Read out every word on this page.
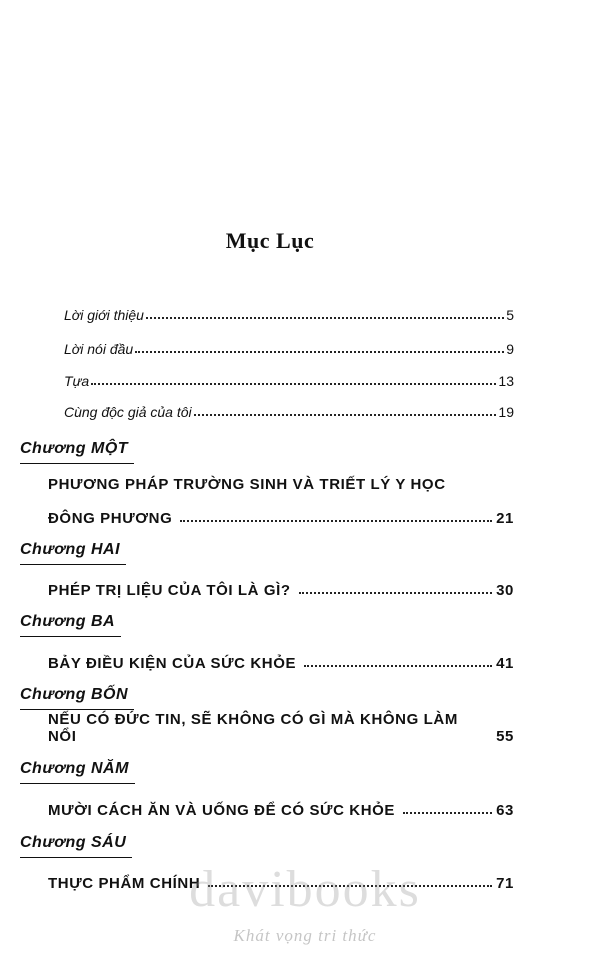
Mục Lục
Lời giới thiệu	5
Lời nói đầu	9
Tựa	13
Cùng độc giả của tôi	19
Chương MỘT
PHƯƠNG PHÁP TRƯỜNG SINH VÀ TRIẾT LÝ Y HỌC
ĐÔNG PHƯƠNG	21
Chương HAI
PHÉP TRỊ LIỆU CỦA TÔI LÀ GÌ?	30
Chương BA
BẢY ĐIỀU KIỆN CỦA SỨC KHỎE	41
Chương BỐN
NẾU CÓ ĐỨC TIN, SẼ KHÔNG CÓ GÌ MÀ KHÔNG LÀM NỔI	55
Chương NĂM
MƯỜI CÁCH ĂN VÀ UỐNG ĐỂ CÓ SỨC KHỎE	63
Chương SÁU
THỰC PHẨM CHÍNH	71
davibooks
Khát vọng tri thức
